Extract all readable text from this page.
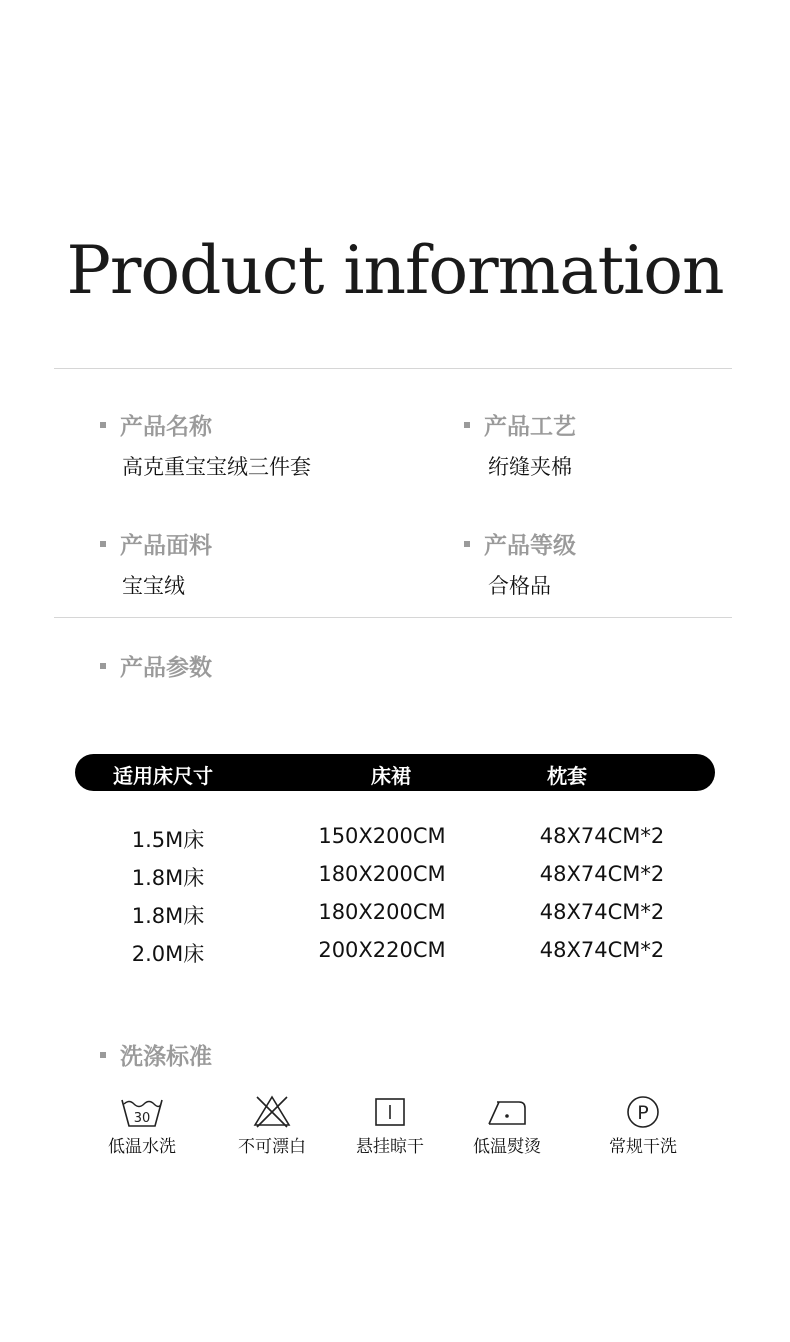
Product information
产品名称
高克重宝宝绒三件套
产品工艺
绗缝夹棉
产品面料
宝宝绒
产品等级
合格品
产品参数
适用床尺寸	床裙	枕套
1.5M床	150X200CM	48X74CM*2
1.8M床	180X200CM	48X74CM*2
1.8M床	180X200CM	48X74CM*2
2.0M床	200X220CM	48X74CM*2
洗涤标准
30
低温水洗	不可漂白	悬挂晾干	低温熨烫
P
常规干洗
